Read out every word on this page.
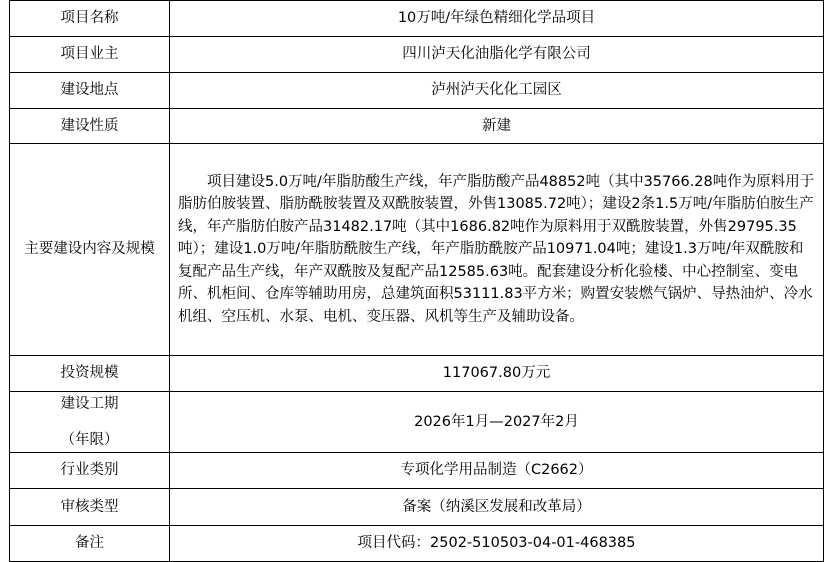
项目名称	10万吨/年绿色精细化学品项目
项目业主	四川泸天化油脂化学有限公司
建设地点	泸州泸天化化工园区
建设性质	新建
主要建设内容及规模	项目建设5.0万吨/年脂肪酸生产线，年产脂肪酸产品48852吨（其中35766.28吨作为原料用于脂肪伯胺装置、脂肪酰胺装置及双酰胺装置，外售13085.72吨）；建设2条1.5万吨/年脂肪伯胺生产线，年产脂肪伯胺产品31482.17吨（其中1686.82吨作为原料用于双酰胺装置，外售29795.35吨）；建设1.0万吨/年脂肪酰胺生产线，年产脂肪酰胺产品10971.04吨；建设1.3万吨/年双酰胺和复配产品生产线，年产双酰胺及复配产品12585.63吨。配套建设分析化验楼、中心控制室、变电所、机柜间、仓库等辅助用房，总建筑面积53111.83平方米；购置安装燃气锅炉、导热油炉、冷水机组、空压机、水泵、电机、变压器、风机等生产及辅助设备。

投资规模	117067.80万元

建设工期
（年限）	2026年1月—2027年2月
行业类别	专项化学用品制造（C2662）
审核类型	备案（纳溪区发展和改革局）
备注	项目代码：2502-510503-04-01-468385
